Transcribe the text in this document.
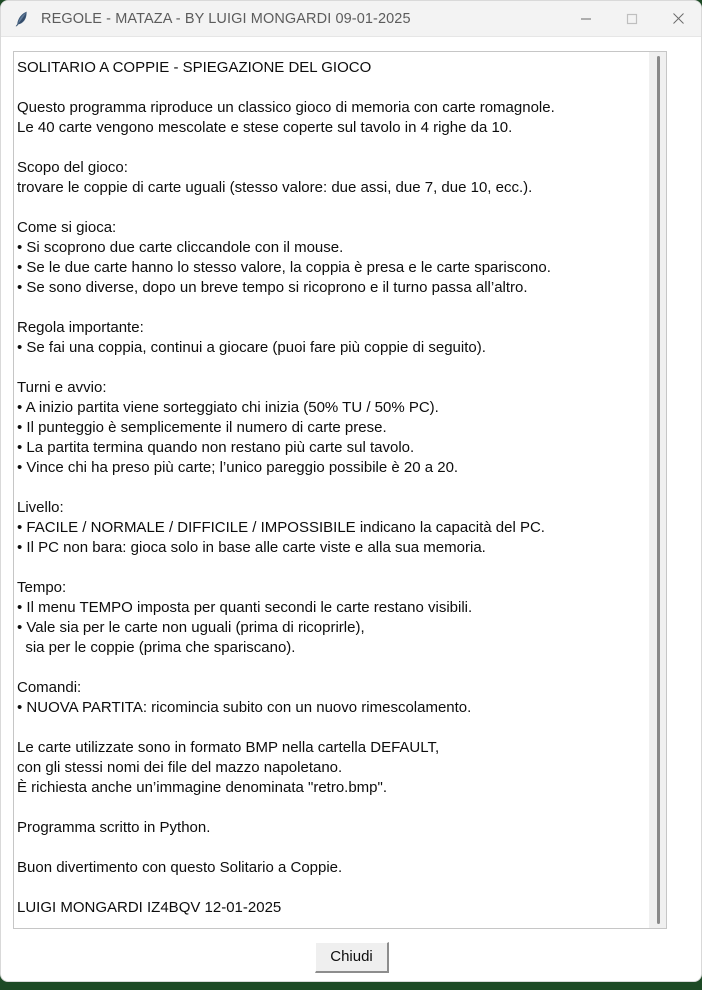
REGOLE - MATAZA - BY LUIGI MONGARDI 09-01-2025
SOLITARIO A COPPIE - SPIEGAZIONE DEL GIOCO

Questo programma riproduce un classico gioco di memoria con carte romagnole.
Le 40 carte vengono mescolate e stese coperte sul tavolo in 4 righe da 10.

Scopo del gioco:
trovare le coppie di carte uguali (stesso valore: due assi, due 7, due 10, ecc.).

Come si gioca:
• Si scoprono due carte cliccandole con il mouse.
• Se le due carte hanno lo stesso valore, la coppia è presa e le carte spariscono.
• Se sono diverse, dopo un breve tempo si ricoprono e il turno passa all’altro.

Regola importante:
• Se fai una coppia, continui a giocare (puoi fare più coppie di seguito).

Turni e avvio:
• A inizio partita viene sorteggiato chi inizia (50% TU / 50% PC).
• Il punteggio è semplicemente il numero di carte prese.
• La partita termina quando non restano più carte sul tavolo.
• Vince chi ha preso più carte; l’unico pareggio possibile è 20 a 20.

Livello:
• FACILE / NORMALE / DIFFICILE / IMPOSSIBILE indicano la capacità del PC.
• Il PC non bara: gioca solo in base alle carte viste e alla sua memoria.

Tempo:
• Il menu TEMPO imposta per quanti secondi le carte restano visibili.
• Vale sia per le carte non uguali (prima di ricoprirle),
sia per le coppie (prima che spariscano).

Comandi:
• NUOVA PARTITA: ricomincia subito con un nuovo rimescolamento.

Le carte utilizzate sono in formato BMP nella cartella DEFAULT,
con gli stessi nomi dei file del mazzo napoletano.
È richiesta anche un’immagine denominata "retro.bmp".

Programma scritto in Python.

Buon divertimento con questo Solitario a Coppie.

LUIGI MONGARDI IZ4BQV 12-01-2025
Chiudi
